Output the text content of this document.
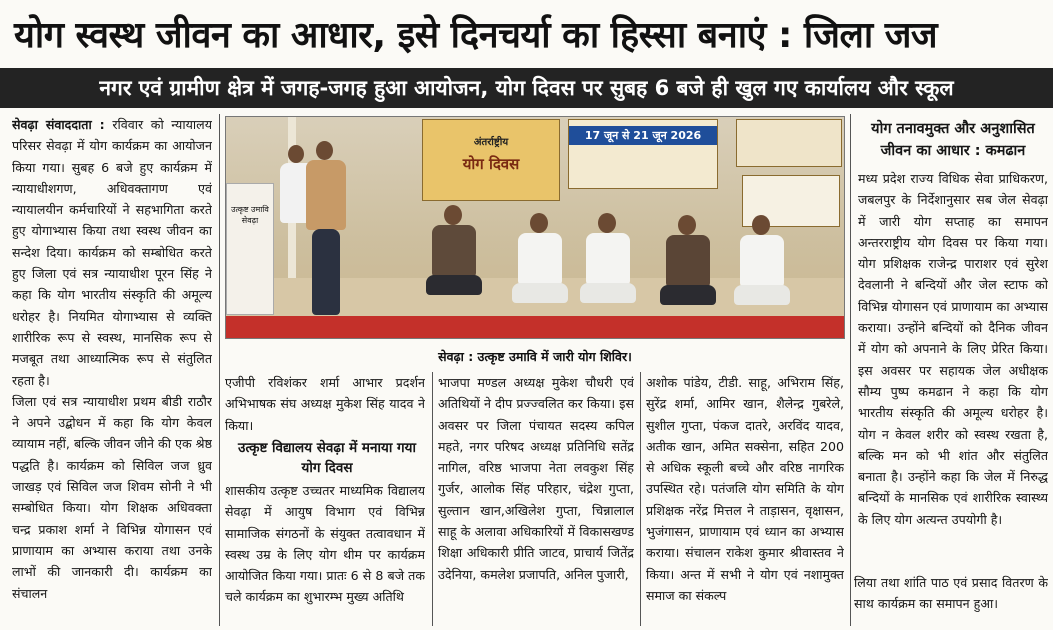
योग स्वस्थ जीवन का आधार, इसे दिनचर्या का हिस्सा बनाएं : जिला जज
नगर एवं ग्रामीण क्षेत्र में जगह-जगह हुआ आयोजन, योग दिवस पर सुबह 6 बजे ही खुल गए कार्यालय और स्कूल

सेवढ़ा संवाददाता : रविवार को न्यायालय परिसर सेवढ़ा में योग कार्यक्रम का आयोजन किया गया। सुबह 6 बजे हुए कार्यक्रम में न्यायाधीशगण, अधिवक्तागण एवं न्यायालयीन कर्मचारियों ने सहभागिता करते हुए योगाभ्यास किया तथा स्वस्थ जीवन का सन्देश दिया। कार्यक्रम को सम्बोधित करते हुए जिला एवं सत्र न्यायाधीश पूरन सिंह ने कहा कि योग भारतीय संस्कृति की अमूल्य धरोहर है। नियमित योगाभ्यास से व्यक्ति शारीरिक रूप से स्वस्थ, मानसिक रूप से मजबूत तथा आध्यात्मिक रूप से संतुलित रहता है।

जिला एवं सत्र न्यायाधीश प्रथम बीडी राठौर ने अपने उद्बोधन में कहा कि योग केवल व्यायाम नहीं, बल्कि जीवन जीने की एक श्रेष्ठ पद्धति है। कार्यक्रम को सिविल जज ध्रुव जाखड़ एवं सिविल जज शिवम सोनी ने भी सम्बोधित किया। योग शिक्षक अधिवक्ता चन्द्र प्रकाश शर्मा ने विभिन्न योगासन एवं प्राणायाम का अभ्यास कराया तथा उनके लाभों की जानकारी दी। कार्यक्रम का संचालन

अंतर्राष्ट्रीय
योग दिवस
17 जून से 21 जून 2026
उत्कृष्ट उमावि सेवढ़ा
सेवढ़ा : उत्कृष्ट उमावि में जारी योग शिविर।

एजीपी रविशंकर शर्मा आभार प्रदर्शन अभिभाषक संघ अध्यक्ष मुकेश सिंह यादव ने किया।

उत्कृष्ट विद्यालय सेवढ़ा में मनाया गया योग दिवस

शासकीय उत्कृष्ट उच्चतर माध्यमिक विद्यालय सेवढ़ा में आयुष विभाग एवं विभिन्न सामाजिक संगठनों के संयुक्त तत्वावधान में स्वस्थ उम्र के लिए योग थीम पर कार्यक्रम आयोजित किया गया। प्रातः 6 से 8 बजे तक चले कार्यक्रम का शुभारम्भ मुख्य अतिथि

भाजपा मण्डल अध्यक्ष मुकेश चौधरी एवं अतिथियों ने दीप प्रज्ज्वलित कर किया। इस अवसर पर जिला पंचायत सदस्य कपिल महते, नगर परिषद अध्यक्ष प्रतिनिधि सतेंद्र नागिल, वरिष्ठ भाजपा नेता लवकुश सिंह गुर्जर, आलोक सिंह परिहार, चंद्रेश गुप्ता, सुल्तान खान,अखिलेश गुप्ता, चिन्नालाल साहू के अलावा अधिकारियों में विकासखण्ड शिक्षा अधिकारी प्रीति जाटव, प्राचार्य जितेंद्र उदेनिया, कमलेश प्रजापति, अनिल पुजारी,

अशोक पांडेय, टीडी. साहू, अभिराम सिंह, सुरेंद्र शर्मा, आमिर खान, शैलेन्द्र गुबरेले, सुशील गुप्ता, पंकज दातरे, अरविंद यादव, अतीक खान, अमित सक्सेना, सहित 200 से अधिक स्कूली बच्चे और वरिष्ठ नागरिक उपस्थित रहे। पतंजलि योग समिति के योग प्रशिक्षक नरेंद्र मित्तल ने ताड़ासन, वृक्षासन, भुजंगासन, प्राणायाम एवं ध्यान का अभ्यास कराया। संचालन राकेश कुमार श्रीवास्तव ने किया। अन्त में सभी ने योग एवं नशामुक्त समाज का संकल्प

योग तनावमुक्त और अनुशासित जीवन का आधार : कमढान

मध्य प्रदेश राज्य विधिक सेवा प्राधिकरण, जबलपुर के निर्देशानुसार सब जेल सेवढ़ा में जारी योग सप्ताह का समापन अन्तरराष्ट्रीय योग दिवस पर किया गया। योग प्रशिक्षक राजेन्द्र पाराशर एवं सुरेश देवलानी ने बन्दियों और जेल स्टाफ को विभिन्न योगासन एवं प्राणायाम का अभ्यास कराया। उन्होंने बन्दियों को दैनिक जीवन में योग को अपनाने के लिए प्रेरित किया। इस अवसर पर सहायक जेल अधीक्षक सौम्य पुष्प कमढान ने कहा कि योग भारतीय संस्कृति की अमूल्य धरोहर है। योग न केवल शरीर को स्वस्थ रखता है, बल्कि मन को भी शांत और संतुलित बनाता है। उन्होंने कहा कि जेल में निरुद्ध बन्दियों के मानसिक एवं शारीरिक स्वास्थ्य के लिए योग अत्यन्त उपयोगी है।

लिया तथा शांति पाठ एवं प्रसाद वितरण के साथ कार्यक्रम का समापन हुआ।
